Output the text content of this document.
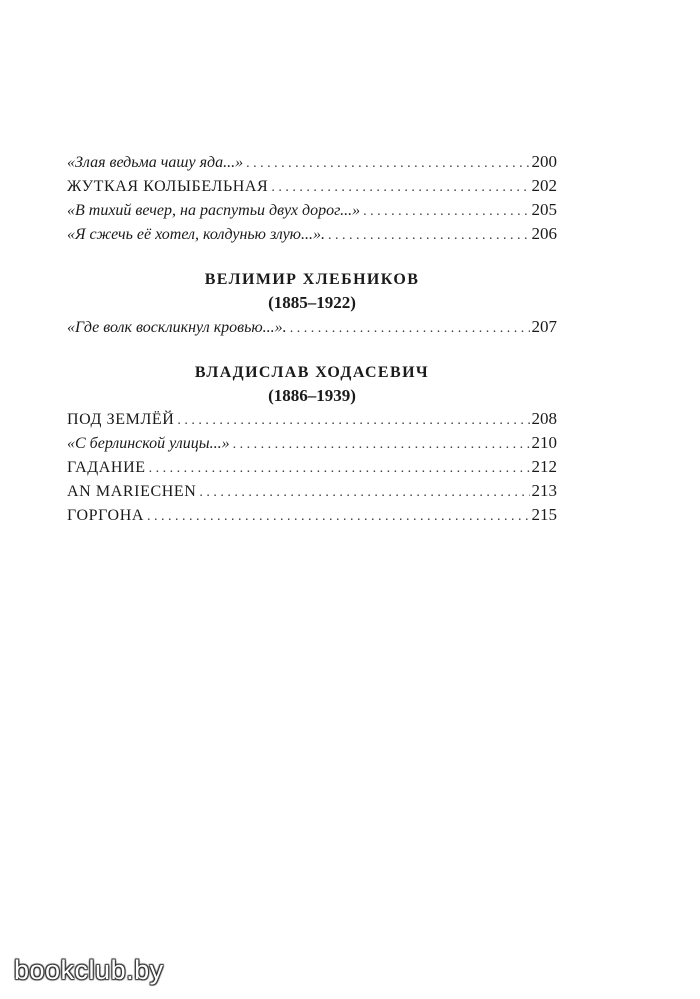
«Злая ведьма чашу яда...» . . .	200
ЖУТКАЯ КОЛЫБЕЛЬНАЯ . . .	202
«В тихий вечер, на распутьи двух дорог...» . . .	205
«Я сжечь её хотел, колдунью злую...». . . .	206
ВЕЛИМИР ХЛЕБНИКОВ
(1885–1922)
«Где волк воскликнул кровью...». . . .	207
ВЛАДИСЛАВ ХОДАСЕВИЧ
(1886–1939)
ПОД ЗЕМЛЁЙ . . .	208
«С берлинской улицы...» . . .	210
ГАДАНИЕ . . .	212
AN MARIECHEN . . .	213
ГОРГОНА . . .	215
bookclub.by
